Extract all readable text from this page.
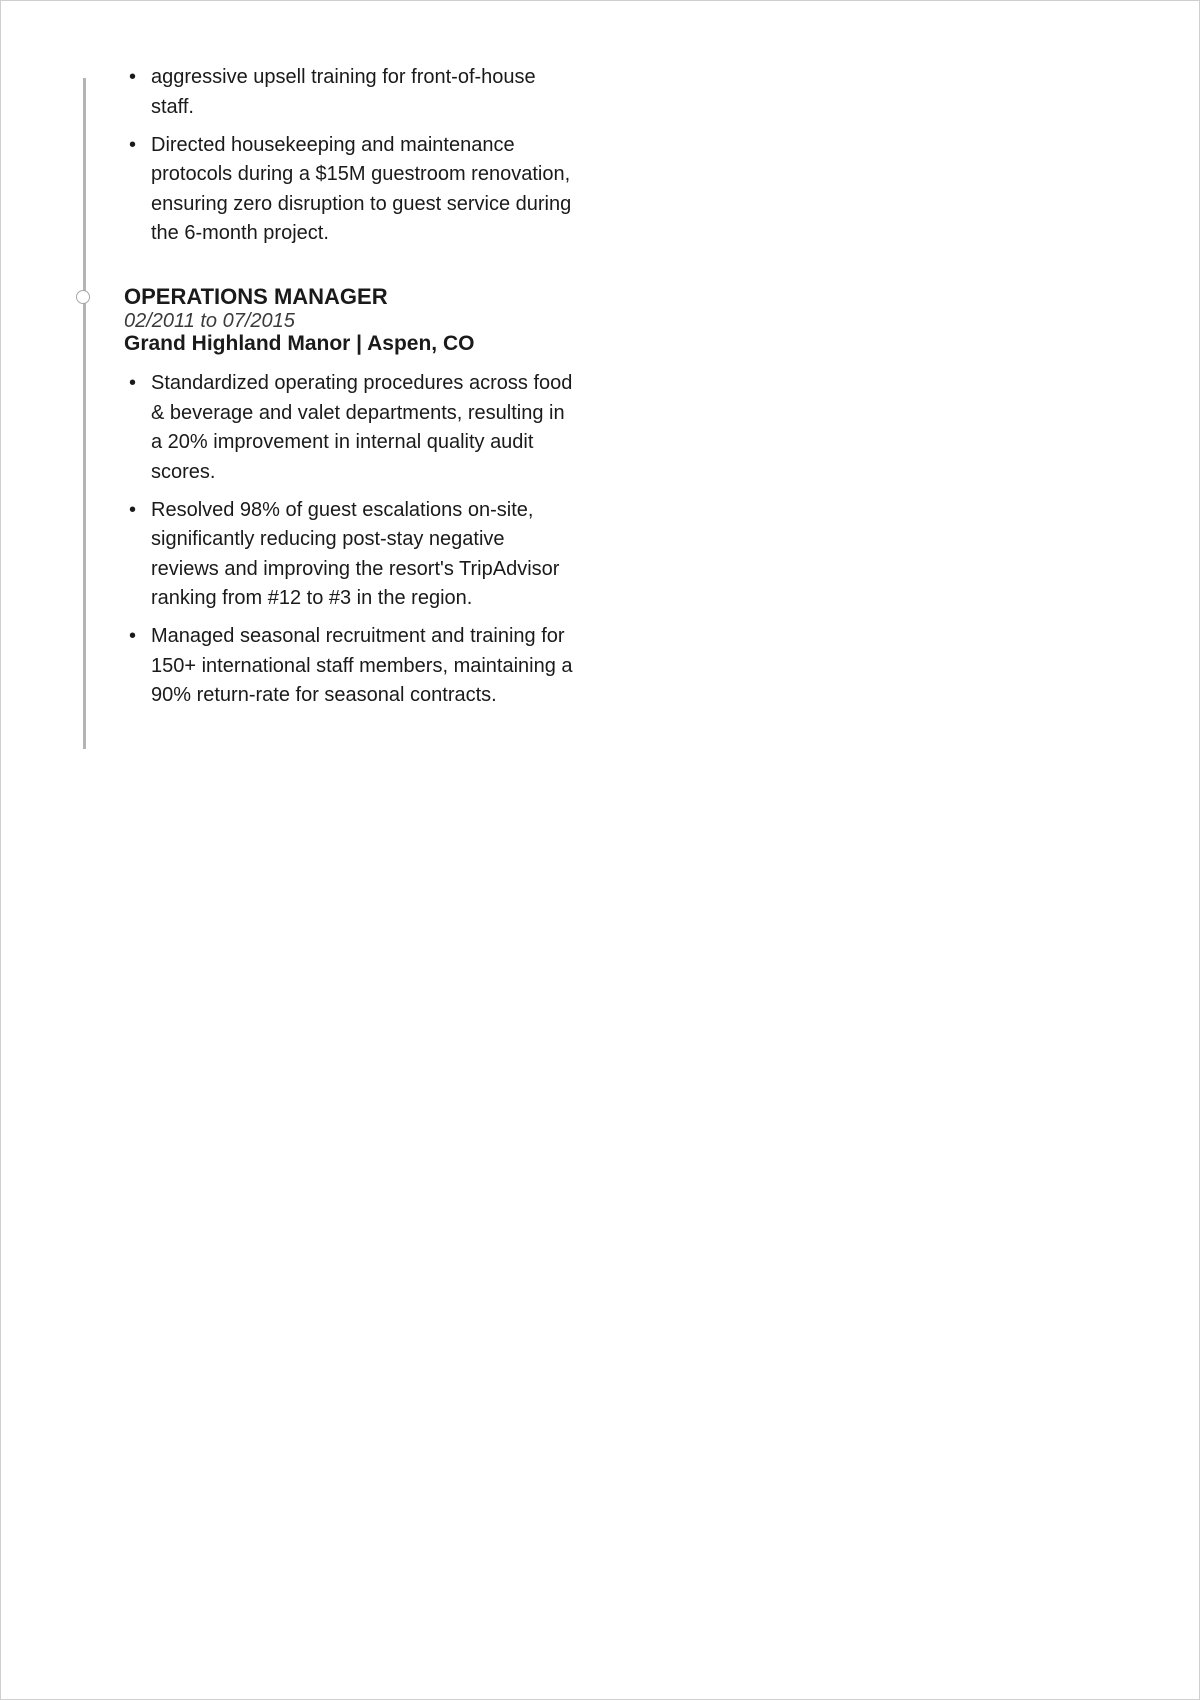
• aggressive upsell training for front-of-house staff.
• Directed housekeeping and maintenance protocols during a $15M guestroom renovation, ensuring zero disruption to guest service during the 6-month project.
OPERATIONS MANAGER
02/2011 to 07/2015
Grand Highland Manor | Aspen, CO
• Standardized operating procedures across food & beverage and valet departments, resulting in a 20% improvement in internal quality audit scores.
• Resolved 98% of guest escalations on-site, significantly reducing post-stay negative reviews and improving the resort's TripAdvisor ranking from #12 to #3 in the region.
• Managed seasonal recruitment and training for 150+ international staff members, maintaining a 90% return-rate for seasonal contracts.
